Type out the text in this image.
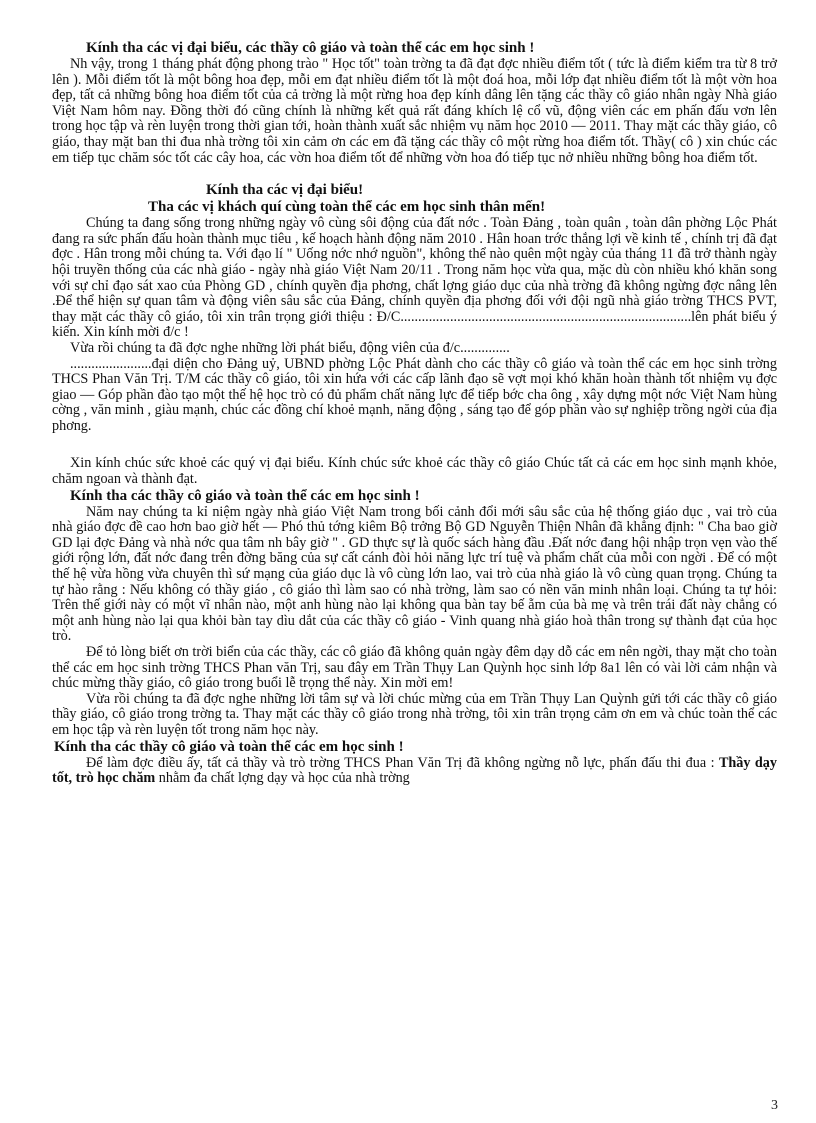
Kính tha các vị đại biểu, các thầy cô giáo và toàn thể các em học sinh !

Nh vậy, trong 1 tháng phát động phong trào " Học tốt" toàn trờng ta đã đạt đợc nhiều điểm tốt ( tức là điểm kiểm tra từ 8 trở lên ). Mỗi điểm tốt là một bông hoa đẹp, mỗi em đạt nhiều điểm tốt là một đoá hoa, mỗi lớp đạt nhiều điểm tốt là một vờn hoa đẹp, tất cả những bông hoa điểm tốt của cả trờng là một rừng hoa đẹp kính dâng lên tặng các thầy cô giáo nhân ngày Nhà giáo Việt Nam hôm nay. Đồng thời đó cũng chính là những kết quả rất đáng khích lệ cổ vũ, động viên các em phấn đấu vơn lên trong học tập và rèn luyện trong thời gian tới, hoàn thành xuất sắc nhiệm vụ năm học 2010 — 2011. Thay mặt các thầy giáo, cô giáo, thay mặt ban thi đua nhà trờng tôi xin cảm ơn các em đã tặng các thầy cô một rừng hoa điểm tốt. Thầy( cô ) xin chúc các em tiếp tục chăm sóc tốt các cây hoa, các vờn hoa điểm tốt để những vờn hoa đó tiếp tục nở nhiều những bông hoa điểm tốt.

Kính tha các vị đại biểu!

Tha các vị khách quí cùng toàn thể các em học sinh thân mến!

Chúng ta đang sống trong những ngày vô cùng sôi động của đất nớc . Toàn Đảng , toàn quân , toàn dân phờng Lộc Phát đang ra sức phấn đấu hoàn thành mục tiêu , kế hoạch hành động năm 2010 . Hân hoan trớc thắng lợi về kinh tế , chính trị đã đạt đợc . Hân trong mỗi chúng ta. Với đạo lí " Uống nớc nhớ nguồn", không thể nào quên một ngày của tháng 11 đã trở thành ngày hội truyền thống của các nhà giáo - ngày nhà giáo Việt Nam 20/11 . Trong năm học vừa qua, mặc dù còn nhiều khó khăn song với sự chỉ đạo sát xao của Phòng GD , chính quyền địa phơng, chất lợng giáo dục của nhà trờng đã không ngừng đợc nâng lên .Để thể hiện sự quan tâm và động viên sâu sắc của Đảng, chính quyền địa phơng đối với đội ngũ nhà giáo trờng THCS PVT, thay mặt các thầy cô giáo, tôi xin trân trọng giới thiệu : Đ/C..................................................................................lên phát biểu ý kiến. Xin kính mời đ/c !

Vừa rồi chúng ta đã đợc nghe những lời phát biểu, động viên của đ/c..............

.......................đại diện cho Đảng uỷ, UBND phờng Lộc Phát dành cho các thầy cô giáo và toàn thể các em học sinh trờng THCS Phan Văn Trị. T/M các thầy cô giáo, tôi xin hứa với các cấp lãnh đạo sẽ vợt mọi khó khăn hoàn thành tốt nhiệm vụ đợc giao — Góp phần đào tạo một thế hệ học trò có đủ phẩm chất năng lực để tiếp bớc cha ông , xây dựng một nớc Việt Nam hùng cờng , văn minh , giàu mạnh, chúc các đồng chí khoẻ mạnh, năng động , sáng tạo để góp phần vào sự nghiệp trồng ngời của địa phơng.

Xin kính chúc sức khoẻ các quý vị đại biểu. Kính chúc sức khoẻ các thầy cô giáo Chúc tất cả các em học sinh mạnh khỏe, chăm ngoan và thành đạt.

Kính tha các thầy cô giáo và toàn thể các em học sinh !

Năm nay chúng ta kỉ niệm ngày nhà giáo Việt Nam trong bối cảnh đổi mới sâu sắc của hệ thống giáo dục , vai trò của nhà giáo đợc đề cao hơn bao giờ hết — Phó thủ tớng kiêm Bộ trởng Bộ GD Nguyễn Thiện Nhân đã khẳng định: " Cha bao giờ GD lại đợc Đảng và nhà nớc qua tâm nh bây giờ " . GD thực sự là quốc sách hàng đầu .Đất nớc đang hội nhập trọn vẹn vào thế giới rộng lớn, đất nớc đang trên đờng băng của sự cất cánh đòi hỏi năng lực trí tuệ và phẩm chất của mỗi con ngời . Để có một thế hệ vừa hồng vừa chuyên thì sứ mạng của giáo dục là vô cùng lớn lao, vai trò của nhà giáo là vô cùng quan trọng. Chúng ta tự hào rằng : Nếu không có thầy giáo , cô giáo thì làm sao có nhà trờng, làm sao có nền văn minh nhân loại. Chúng ta tự hỏi: Trên thế giới này có một vĩ nhân nào, một anh hùng nào lại không qua bàn tay bế ẵm của bà mẹ và trên trái đất này chẳng có một anh hùng nào lại qua khỏi bàn tay dìu dắt của các thầy cô giáo - Vinh quang nhà giáo hoà thân trong sự thành đạt của học trò.

Để tỏ lòng biết ơn trời biển của các thầy, các cô giáo đã không quản ngày đêm dạy dỗ các em nên ngời, thay mặt cho toàn thể các em học sinh trờng THCS Phan văn Trị, sau đây em Trần Thụy Lan Quỳnh học sinh lớp 8a1 lên có vài lời cảm nhận và chúc mừng thầy giáo, cô giáo trong buổi lễ trọng thể này. Xin mời em!

Vừa rồi chúng ta đã đợc nghe những lời tâm sự và lời chúc mừng của em Trần Thụy Lan Quỳnh gửi tới các thầy cô giáo thầy giáo, cô giáo trong trờng ta. Thay mặt các thầy cô giáo trong nhà trờng, tôi xin trân trọng cảm ơn em và chúc toàn thể các em học tập và rèn luyện tốt trong năm học này.

Kính tha các thầy cô giáo và toàn thể các em học sinh !

Để làm đợc điều ấy, tất cả thầy và trò trờng THCS Phan Văn Trị đã không ngừng nỗ lực, phấn đấu thi đua : Thầy dạy tốt, trò học chăm nhằm đa chất lợng dạy và học của nhà trờng

3
